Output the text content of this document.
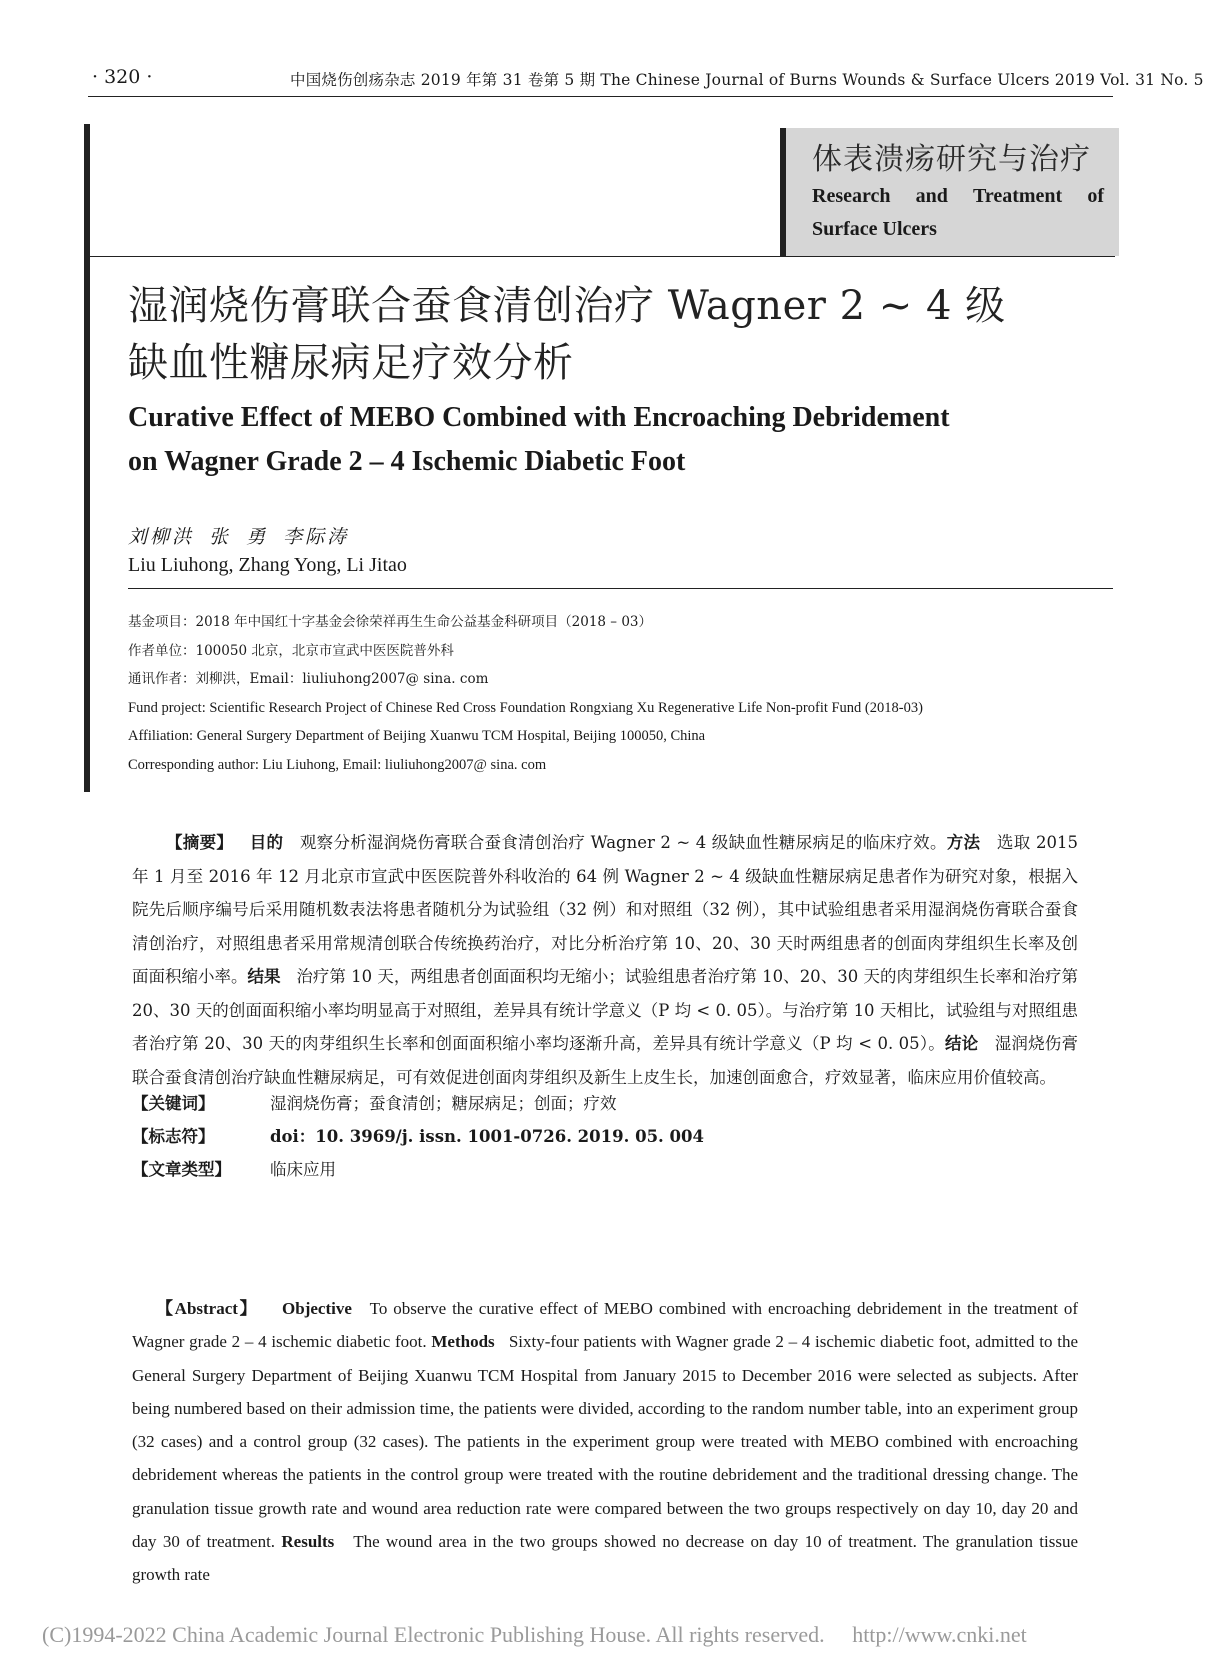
· 320 ·	中国烧伤创疡杂志 2019 年第 31 卷第 5 期 The Chinese Journal of Burns Wounds & Surface Ulcers 2019 Vol. 31 No. 5
体表溃疡研究与治疗
Research and Treatment of
Surface Ulcers
湿润烧伤膏联合蚕食清创治疗 Wagner 2 ~ 4 级
缺血性糖尿病足疗效分析
Curative Effect of MEBO Combined with Encroaching Debridement
on Wagner Grade 2 – 4 Ischemic Diabetic Foot
刘柳洪 张 勇 李际涛
Liu Liuhong, Zhang Yong, Li Jitao
基金项目：2018 年中国红十字基金会徐荣祥再生生命公益基金科研项目（2018 – 03）
作者单位：100050 北京，北京市宣武中医医院普外科
通讯作者：刘柳洪，Email：liuliuhong2007@ sina. com
Fund project: Scientific Research Project of Chinese Red Cross Foundation Rongxiang Xu Regenerative Life Non-profit Fund (2018-03)
Affiliation: General Surgery Department of Beijing Xuanwu TCM Hospital, Beijing 100050, China
Corresponding author: Liu Liuhong, Email: liuliuhong2007@ sina. com
【摘要】 目的 观察分析湿润烧伤膏联合蚕食清创治疗 Wagner 2 ~ 4 级缺血性糖尿病足的临床疗效。方法 选取 2015 年 1 月至 2016 年 12 月北京市宣武中医医院普外科收治的 64 例 Wagner 2 ~ 4 级缺血性糖尿病足患者作为研究对象，根据入院先后顺序编号后采用随机数表法将患者随机分为试验组（32 例）和对照组（32 例），其中试验组患者采用湿润烧伤膏联合蚕食清创治疗，对照组患者采用常规清创联合传统换药治疗，对比分析治疗第 10、20、30 天时两组患者的创面肉芽组织生长率及创面面积缩小率。结果 治疗第 10 天，两组患者创面面积均无缩小；试验组患者治疗第 10、20、30 天的肉芽组织生长率和治疗第 20、30 天的创面面积缩小率均明显高于对照组，差异具有统计学意义（P 均 < 0. 05）。与治疗第 10 天相比，试验组与对照组患者治疗第 20、30 天的肉芽组织生长率和创面面积缩小率均逐渐升高，差异具有统计学意义（P 均 < 0. 05）。结论 湿润烧伤膏联合蚕食清创治疗缺血性糖尿病足，可有效促进创面肉芽组织及新生上皮生长，加速创面愈合，疗效显著，临床应用价值较高。
【关键词】	湿润烧伤膏；蚕食清创；糖尿病足；创面；疗效
【标志符】	doi：10. 3969/j. issn. 1001-0726. 2019. 05. 004
【文章类型】 临床应用
【Abstract】 Objective To observe the curative effect of MEBO combined with encroaching debridement in the treatment of Wagner grade 2 – 4 ischemic diabetic foot. Methods Sixty-four patients with Wagner grade 2 – 4 ischemic diabetic foot, admitted to the General Surgery Department of Beijing Xuanwu TCM Hospital from January 2015 to December 2016 were selected as subjects. After being numbered based on their admission time, the patients were divided, according to the random number table, into an experiment group (32 cases) and a control group (32 cases). The patients in the experiment group were treated with MEBO combined with encroaching debridement whereas the patients in the control group were treated with the routine debridement and the traditional dressing change. The granulation tissue growth rate and wound area reduction rate were compared between the two groups respectively on day 10, day 20 and day 30 of treatment. Results The wound area in the two groups showed no decrease on day 10 of treatment. The granulation tissue growth rate
(C)1994-2022 China Academic Journal Electronic Publishing House. All rights reserved. http://www.cnki.net
